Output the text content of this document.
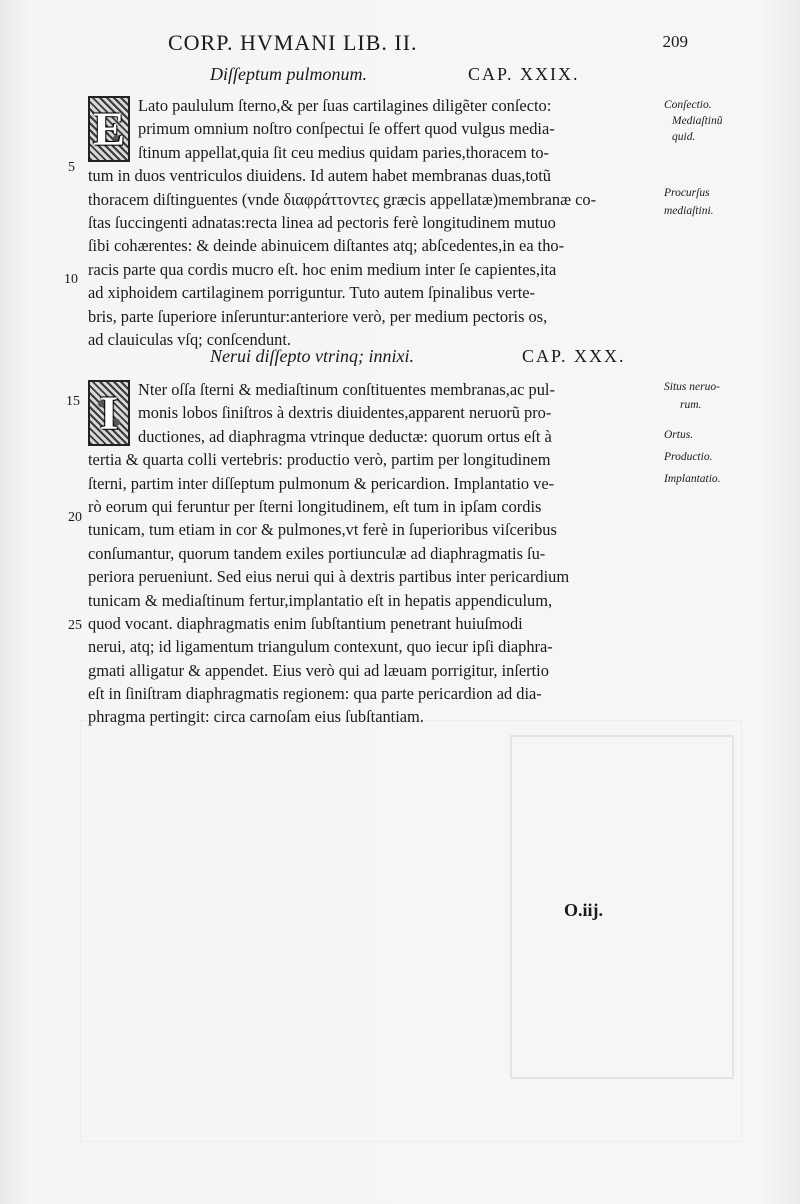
CORP. HVMANI LIB. II.	209
Diſſeptum pulmonum.	CAP. XXIX.
E Lato paululum ſterno,& per ſuas cartilagines diligẽter conſecto:
primum omnium noſtro conſpectui ſe offert quod vulgus media-
ſtinum appellat,quia ſit ceu medius quidam paries,thoracem to-
tum in duos ventriculos diuidens. Id autem habet membranas duas,totũ
thoracem diſtinguentes (vnde διαφράττοντες græcis appellatæ)membranæ co-
ſtas ſuccingenti adnatas:recta linea ad pectoris ferè longitudinem mutuo
ſibi cohærentes: & deinde abinuicem diſtantes atq; abſcedentes,in ea tho-
racis parte qua cordis mucro eſt. hoc enim medium inter ſe capientes,ita
ad xiphoidem cartilaginem porriguntur. Tuto autem ſpinalibus verte-
bris, parte ſuperiore inſeruntur:anteriore verò, per medium pectoris os,
ad clauiculas vſq; conſcendunt.
Nerui diſſepto vtrinq; innixi.	CAP. XXX.
I	Nter oſſa ſterni & mediaſtinum conſtituentes membranas,ac pul-
monis lobos ſiniſtros à dextris diuidentes,apparent neruorũ pro-
ductiones, ad diaphragma vtrinque deductæ: quorum ortus eſt à
tertia & quarta colli vertebris: productio verò, partim per longitudinem
ſterni, partim inter diſſeptum pulmonum & pericardion. Implantatio ve-
rò eorum qui feruntur per ſterni longitudinem, eſt tum in ipſam cordis
tunicam, tum etiam in cor & pulmones,vt ferè in ſuperioribus viſceribus
conſumantur, quorum tandem exiles portiunculæ ad diaphragmatis ſu-
periora perueniunt. Sed eius nerui qui à dextris partibus inter pericardium
tunicam & mediaſtinum fertur,implantatio eſt in hepatis appendiculum,
quod vocant. diaphragmatis enim ſubſtantium penetrant huiuſmodi
nerui, atq; id ligamentum triangulum contexunt, quo iecur ipſi diaphra-
gmati alligatur & appendet. Eius verò qui ad læuam porrigitur, inſertio
eſt in ſiniſtram diaphragmatis regionem: qua parte pericardion ad dia-
phragma pertingit: circa carnoſam eius ſubſtantiam.
5
10
15
20
25
Conſectio.
Mediaſtinũ
quid.
Procurſus
mediaſtini.
Situs neruo-
rum.
Ortus.
Productio.
Implantatio.
O.iij.
